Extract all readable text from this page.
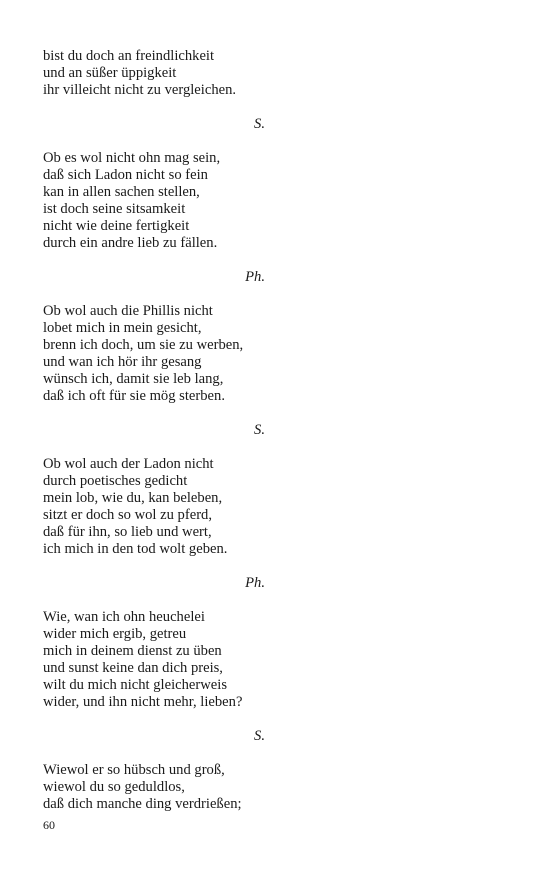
bist du doch an freindlichkeit
und an süßer üppigkeit
ihr villeicht nicht zu vergleichen.
S.
Ob es wol nicht ohn mag sein,
daß sich Ladon nicht so fein
kan in allen sachen stellen,
ist doch seine sitsamkeit
nicht wie deine fertigkeit
durch ein andre lieb zu fällen.
Ph.
Ob wol auch die Phillis nicht
lobet mich in mein gesicht,
brenn ich doch, um sie zu werben,
und wan ich hör ihr gesang
wünsch ich, damit sie leb lang,
daß ich oft für sie mög sterben.
S.
Ob wol auch der Ladon nicht
durch poetisches gedicht
mein lob, wie du, kan beleben,
sitzt er doch so wol zu pferd,
daß für ihn, so lieb und wert,
ich mich in den tod wolt geben.
Ph.
Wie, wan ich ohn heuchelei
wider mich ergib, getreu
mich in deinem dienst zu üben
und sunst keine dan dich preis,
wilt du mich nicht gleicherweis
wider, und ihn nicht mehr, lieben?
S.
Wiewol er so hübsch und groß,
wiewol du so geduldlos,
daß dich manche ding verdrießen;
60
